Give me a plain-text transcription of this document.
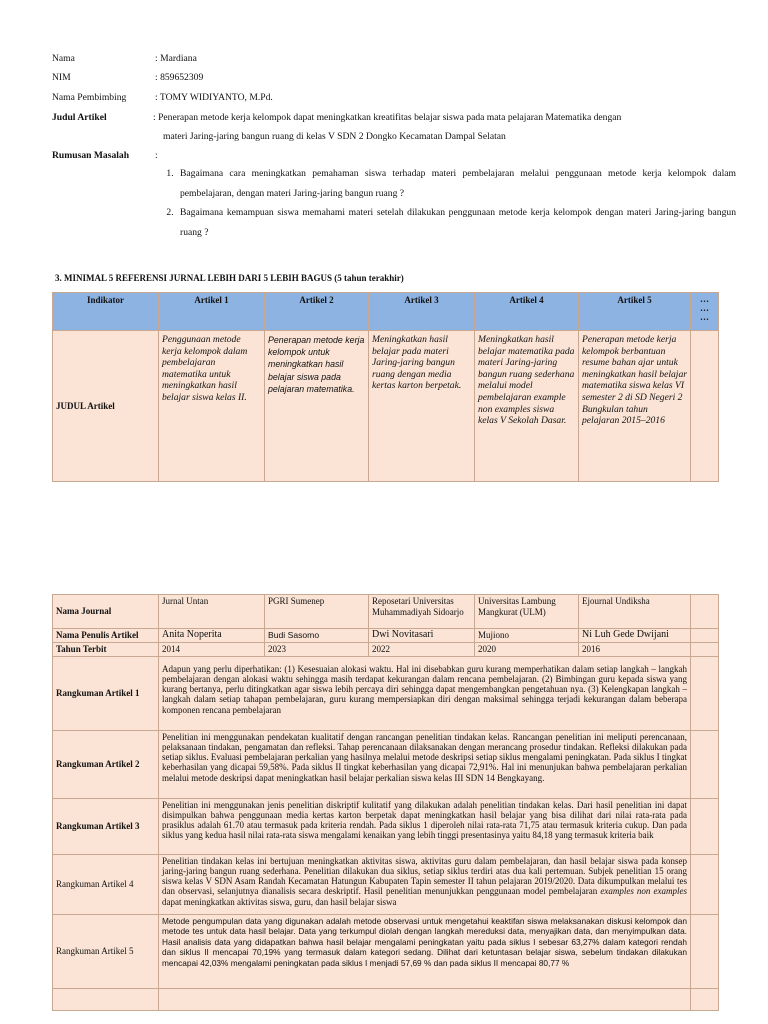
Nama	: Mardiana
NIM	: 859652309
Nama Pembimbing	: TOMY WIDIYANTO, M.Pd.
Judul Artikel	: Penerapan metode kerja kelompok dapat meningkatkan kreatifitas belajar siswa pada mata pelajaran Matematika dengan
materi Jaring-jaring bangun ruang di kelas V SDN 2 Dongko Kecamatan Dampal Selatan
Rumusan Masalah	:
1. Bagaimana cara meningkatkan pemahaman siswa terhadap materi pembelajaran melalui penggunaan metode kerja kelompok dalam pembelajaran, dengan materi Jaring-jaring bangun ruang ?
2. Bagaimana kemampuan siswa memahami materi setelah dilakukan penggunaan metode kerja kelompok dengan materi Jaring-jaring bangun ruang ?
3. MINIMAL 5 REFERENSI JURNAL LEBIH DARI 5 LEBIH BAGUS (5 tahun terakhir)
Indikator	Artikel 1	Artikel 2	Artikel 3	Artikel 4	Artikel 5	…
…
…
JUDUL Artikel	Penggunaan metode kerja kelompok dalam pembelajaran matematika untuk meningkatkan hasil belajar siswa kelas II.	Penerapan metode kerja kelompok untuk meningkatkan hasil belajar siswa pada pelajaran matematika.	Meningkatkan hasil belajar pada materi Jaring-jaring bangun ruang dengan media kertas karton berpetak.	Meningkatkan hasil belajar matematika pada materi Jaring-jaring bangun ruang sederhana melalui model pembelajaran example non examples siswa kelas V Sekolah Dasar.	Penerapan metode kerja kelompok berbantuan resume bahan ajar untuk meningkatkan hasil belajar matematika siswa kelas VI semester 2 di SD Negeri 2 Bungkulan tahun pelajaran 2015–2016	
Nama Journal	Jurnal Untan	PGRI Sumenep	Reposetari Universitas Muhammadiyah Sidoarjo	Universitas Lambung Mangkurat (ULM)	Ejournal Undiksha	
Nama Penulis Artikel	Anita Noperita	Budi Sasomo	Dwi Novitasari	Mujiono	Ni Luh Gede Dwijani	
Tahun Terbit	2014	2023	2022	2020	2016	
Rangkuman Artikel 1	Adapun yang perlu diperhatikan: (1) Kesesuaian alokasi waktu. Hal ini disebabkan guru kurang memperhatikan dalam setiap langkah – langkah pembelajaran dengan alokasi waktu sehingga masih terdapat kekurangan dalam rencana pembelajaran. (2) Bimbingan guru kepada siswa yang kurang bertanya, perlu ditingkatkan agar siswa lebih percaya diri sehingga dapat mengembangkan pengetahuan nya. (3) Kelengkapan langkah – langkah dalam setiap tahapan pembelajaran, guru kurang mempersiapkan diri dengan maksimal sehingga terjadi kekurangan dalam beberapa komponen rencana pembelajaran					
Rangkuman Artikel 2	Penelitian ini menggunakan pendekatan kualitatif dengan rancangan penelitian tindakan kelas. Rancangan penelitian ini meliputi perencanaan, pelaksanaan tindakan, pengamatan dan refleksi. Tahap perencanaan dilaksanakan dengan merancang prosedur tindakan. Refleksi dilakukan pada setiap siklus. Evaluasi pembelajaran perkalian yang hasilnya melalui metode deskripsi setiap siklus mengalami peningkatan. Pada siklus I tingkat keberhasilan yang dicapai 59,58%. Pada siklus II tingkat keberhasilan yang dicapai 72,91%. Hal ini menunjukan bahwa pembelajaran perkalian melalui metode deskripsi dapat meningkatkan hasil belajar perkalian siswa kelas III SDN 14 Bengkayang.					
Rangkuman Artikel 3	Penelitian ini menggunakan jenis penelitian diskriptif kulitatif yang dilakukan adalah penelitian tindakan kelas. Dari hasil penelitian ini dapat disimpulkan bahwa penggunaan media kertas karton berpetak dapat meningkatkan hasil belajar yang bisa dilihat dari nilai rata-rata pada prasiklus adalah 61.70 atau termasuk pada kriteria rendah. Pada siklus 1 diperoleh nilai rata-rata 71,75 atau termasuk kriteria cukup. Dan pada siklus yang kedua hasil nilai rata-rata siswa mengalami kenaikan yang lebih tinggi presentasinya yaitu 84,18 yang termasuk kriteria baik					
Rangkuman Artikel 4	Penelitian tindakan kelas ini bertujuan meningkatkan aktivitas siswa, aktivitas guru dalam pembelajaran, dan hasil belajar siswa pada konsep jaring-jaring bangun ruang sederhana. Penelitian dilakukan dua siklus, setiap siklus terdiri atas dua kali pertemuan. Subjek penelitian 15 orang siswa kelas V SDN Asam Randah Kecamatan Hatungun Kabupaten Tapin semester II tahun pelajaran 2019/2020. Data dikumpulkan melalui tes dan observasi, selanjutnya dianalisis secara deskriptif. Hasil penelitian menunjukkan penggunaan model pembelajaran examples non examples dapat meningkatkan aktivitas siswa, guru, dan hasil belajar siswa					
Rangkuman Artikel 5	Metode pengumpulan data yang digunakan adalah metode observasi untuk mengetahui keaktifan siswa melaksanakan diskusi kelompok dan metode tes untuk data hasil belajar. Data yang terkumpul diolah dengan langkah mereduksi data, menyajikan data, dan menyimpulkan data. Hasil analisis data yang didapatkan bahwa hasil belajar mengalami peningkatan yaitu pada siklus I sebesar 63,27% dalam kategori rendah dan siklus II mencapai 70,19% yang termasuk dalam kategori sedang. Dilihat dari ketuntasan belajar siswa, sebelum tindakan dilakukan mencapai 42,03% mengalami peningkatan pada siklus I menjadi 57,69 % dan pada siklus II mencapai 80,77 %					
